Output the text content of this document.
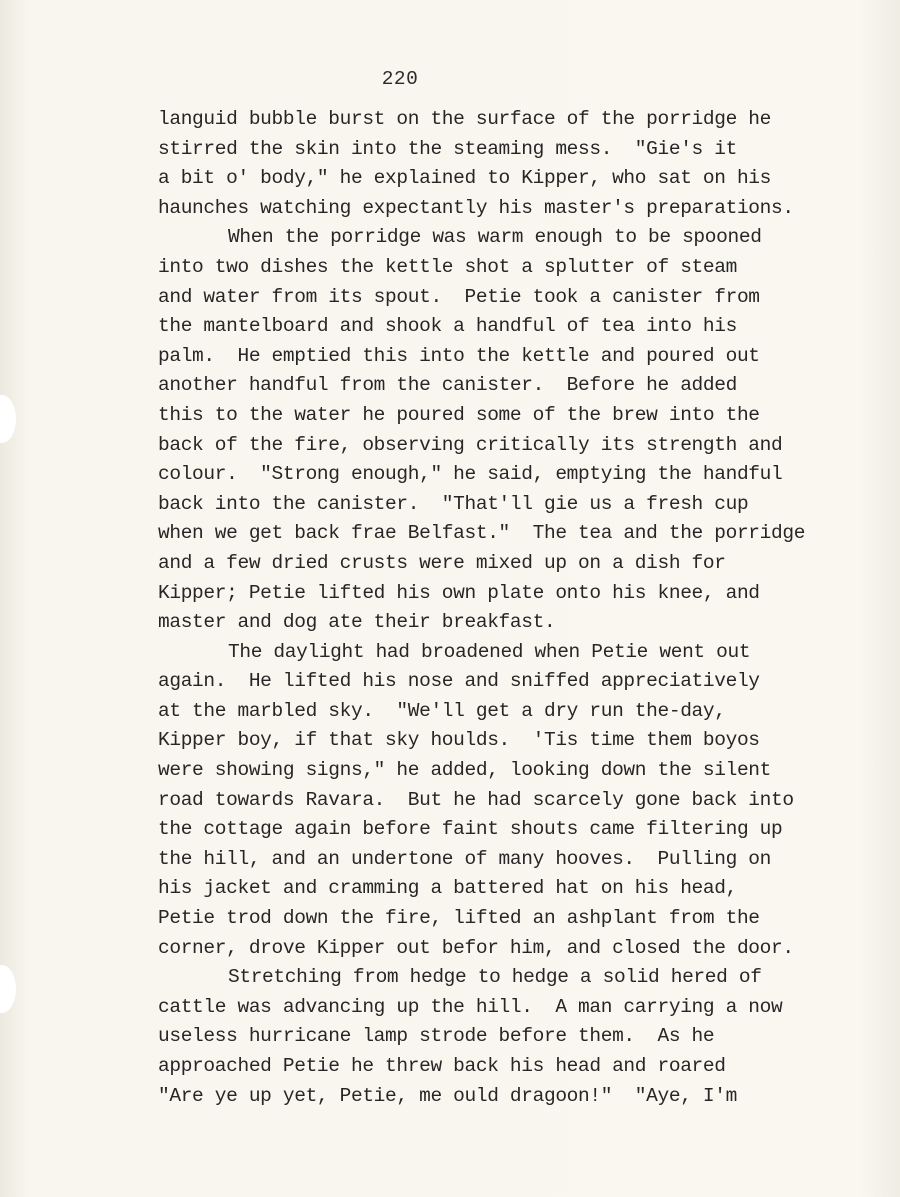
220
languid bubble burst on the surface of the porridge he
stirred the skin into the steaming mess.  "Gie's it
a bit o' body," he explained to Kipper, who sat on his
haunches watching expectantly his master's preparations.
When the porridge was warm enough to be spooned
into two dishes the kettle shot a splutter of steam
and water from its spout.  Petie took a canister from
the mantelboard and shook a handful of tea into his
palm.  He emptied this into the kettle and poured out
another handful from the canister.  Before he added
this to the water he poured some of the brew into the
back of the fire, observing critically its strength and
colour.  "Strong enough," he said, emptying the handful
back into the canister.  "That'll gie us a fresh cup
when we get back frae Belfast."  The tea and the porridge
and a few dried crusts were mixed up on a dish for
Kipper; Petie lifted his own plate onto his knee, and
master and dog ate their breakfast.
The daylight had broadened when Petie went out
again.  He lifted his nose and sniffed appreciatively
at the marbled sky.  "We'll get a dry run the-day,
Kipper boy, if that sky houlds.  'Tis time them boyos
were showing signs," he added, looking down the silent
road towards Ravara.  But he had scarcely gone back into
the cottage again before faint shouts came filtering up
the hill, and an undertone of many hooves.  Pulling on
his jacket and cramming a battered hat on his head,
Petie trod down the fire, lifted an ashplant from the
corner, drove Kipper out befor him, and closed the door.
Stretching from hedge to hedge a solid hered of
cattle was advancing up the hill.  A man carrying a now
useless hurricane lamp strode before them.  As he
approached Petie he threw back his head and roared
"Are ye up yet, Petie, me ould dragoon!"  "Aye, I'm
